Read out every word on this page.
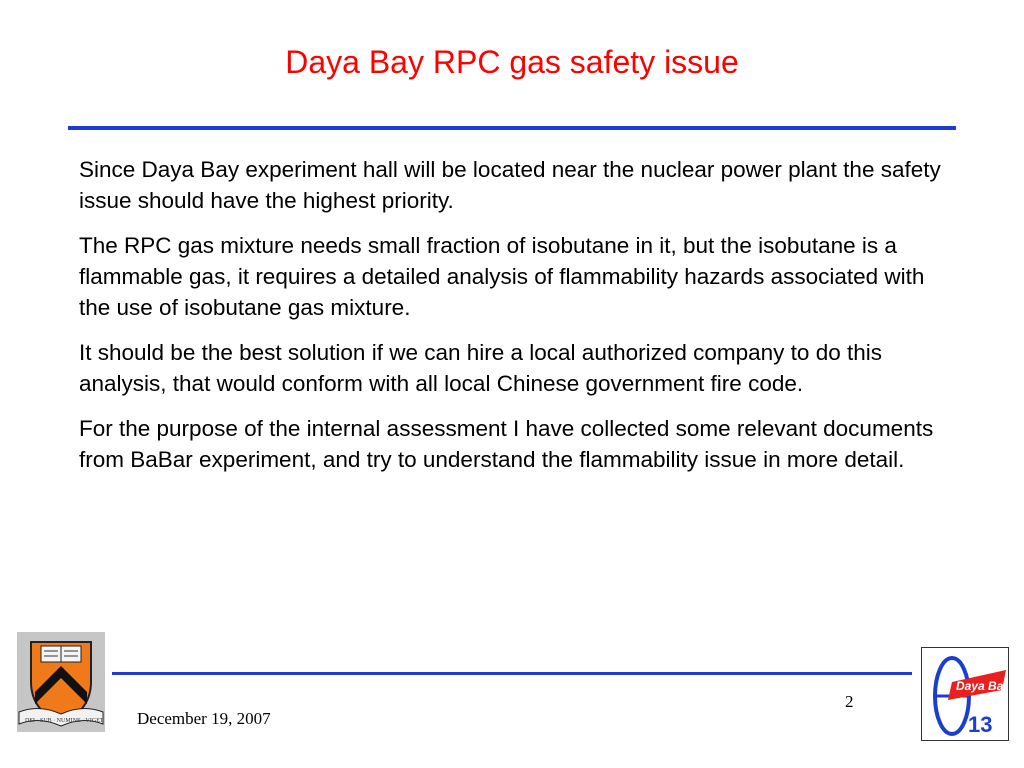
Daya Bay RPC gas safety issue

Since Daya Bay experiment hall will be located near the nuclear power plant the safety issue should have the highest priority.

The RPC gas mixture needs small fraction of isobutane in it, but the isobutane is a flammable gas, it requires a detailed analysis of flammability hazards associated with the use of isobutane gas mixture.

It should be the best solution if we can hire a local authorized company to do this analysis, that would conform with all local Chinese government fire code.

For the purpose of the internal assessment I have collected some relevant documents from BaBar experiment, and try to understand the flammability issue in more detail.

DEI · SUB · NUMINE · VIGET December 19, 2007
2
Daya Bay
13
